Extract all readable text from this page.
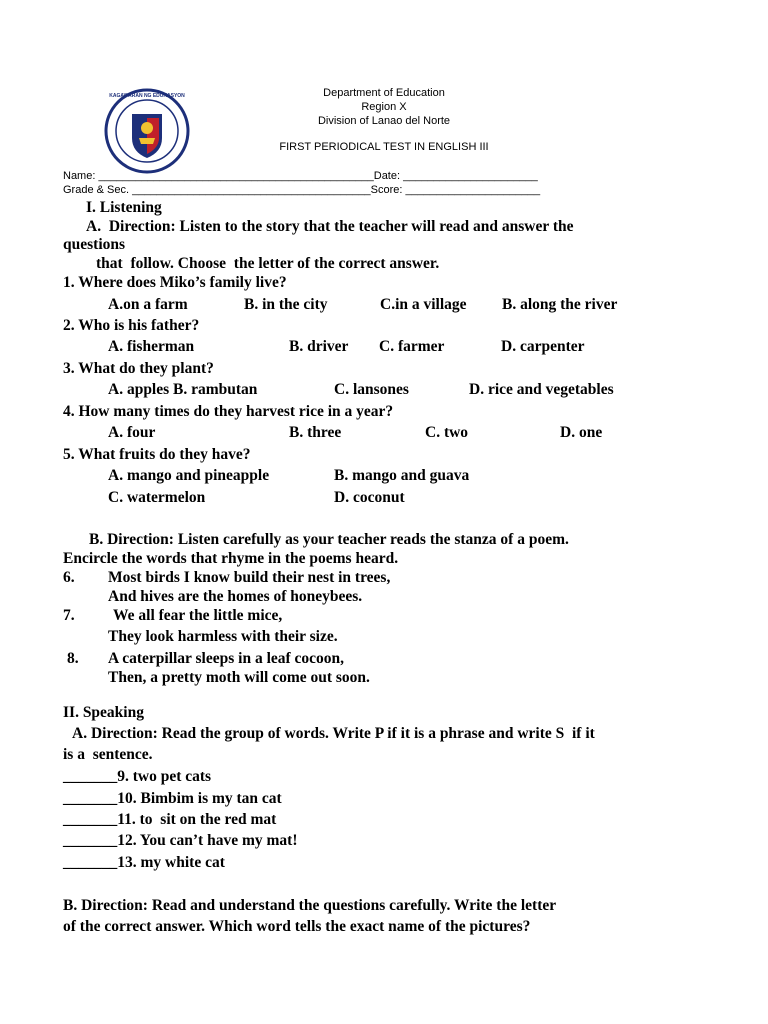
KAGAWARAN NG EDUKASYON	Department of Education
Region X
Division of Lanao del Norte
FIRST PERIODICAL TEST IN ENGLISH III
Name: _____________________________________________Date: ______________________
Grade & Sec. _______________________________________Score: ______________________
I. Listening
A.  Direction: Listen to the story that the teacher will read and answer the
questions
that  follow. Choose  the letter of the correct answer.
1. Where does Miko’s family live?
A.on a farm	B. in the city	C.in a village B. along the river
2. Who is his father?
A. fisherman	B. driver C. farmer	D. carpenter
3. What do they plant?
A. apples B. rambutan	C. lansones	D. rice and vegetables
4. How many times do they harvest rice in a year?
A. four	B. three	C. two	D. one
5. What fruits do they have?
A. mango and pineapple	B. mango and guava
C. watermelon	D. coconut
B. Direction: Listen carefully as your teacher reads the stanza of a poem.
Encircle the words that rhyme in the poems heard.
6. Most birds I know build their nest in trees,
And hives are the homes of honeybees.
7. We all fear the little mice,
They look harmless with their size.
8. A caterpillar sleeps in a leaf cocoon,
Then, a pretty moth will come out soon.
II. Speaking
A. Direction: Read the group of words. Write P if it is a phrase and write S  if it
is a  sentence.
_______9. two pet cats
_______10. Bimbim is my tan cat
_______11. to  sit on the red mat
_______12. You can’t have my mat!
_______13. my white cat
B. Direction: Read and understand the questions carefully. Write the letter
of the correct answer. Which word tells the exact name of the pictures?
